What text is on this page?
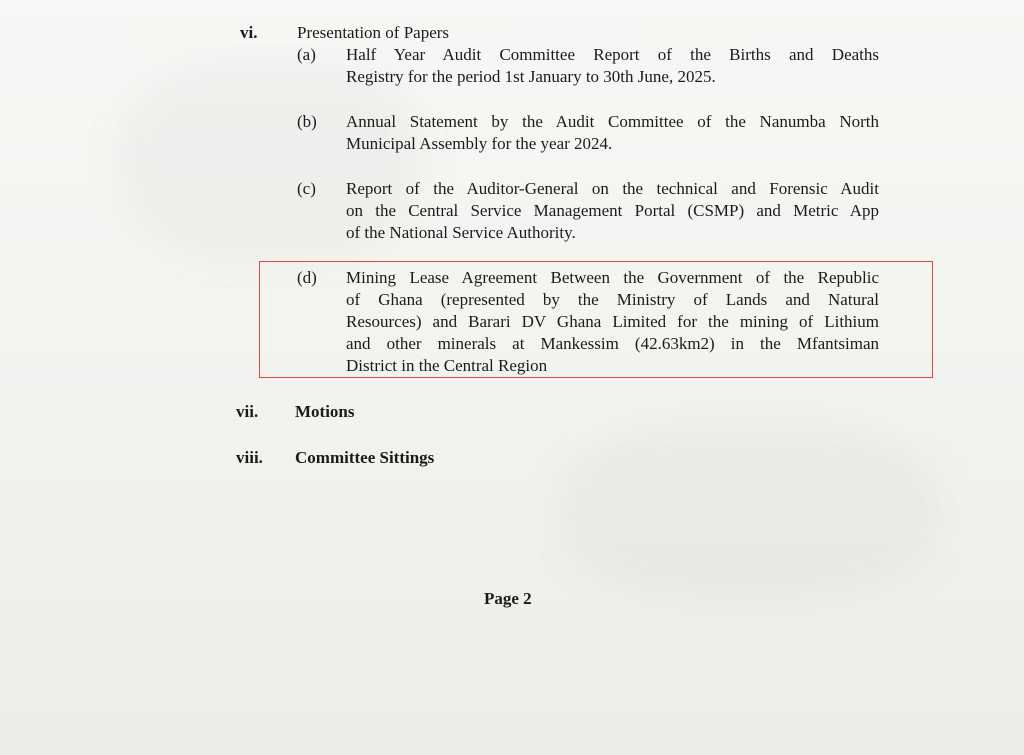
vi. Presentation of Papers
(a) Half Year Audit Committee Report of the Births and Deaths
Registry for the period 1st January to 30th June, 2025.
(b) Annual Statement by the Audit Committee of the Nanumba North
Municipal Assembly for the year 2024.
(c) Report of the Auditor-General on the technical and Forensic Audit
on the Central Service Management Portal (CSMP) and Metric App
of the National Service Authority.
(d) Mining Lease Agreement Between the Government of the Republic
of Ghana (represented by the Ministry of Lands and Natural
Resources) and Barari DV Ghana Limited for the mining of Lithium
and other minerals at Mankessim (42.63km2) in the Mfantsiman
District in the Central Region
vii. Motions
viii. Committee Sittings
Page 2
